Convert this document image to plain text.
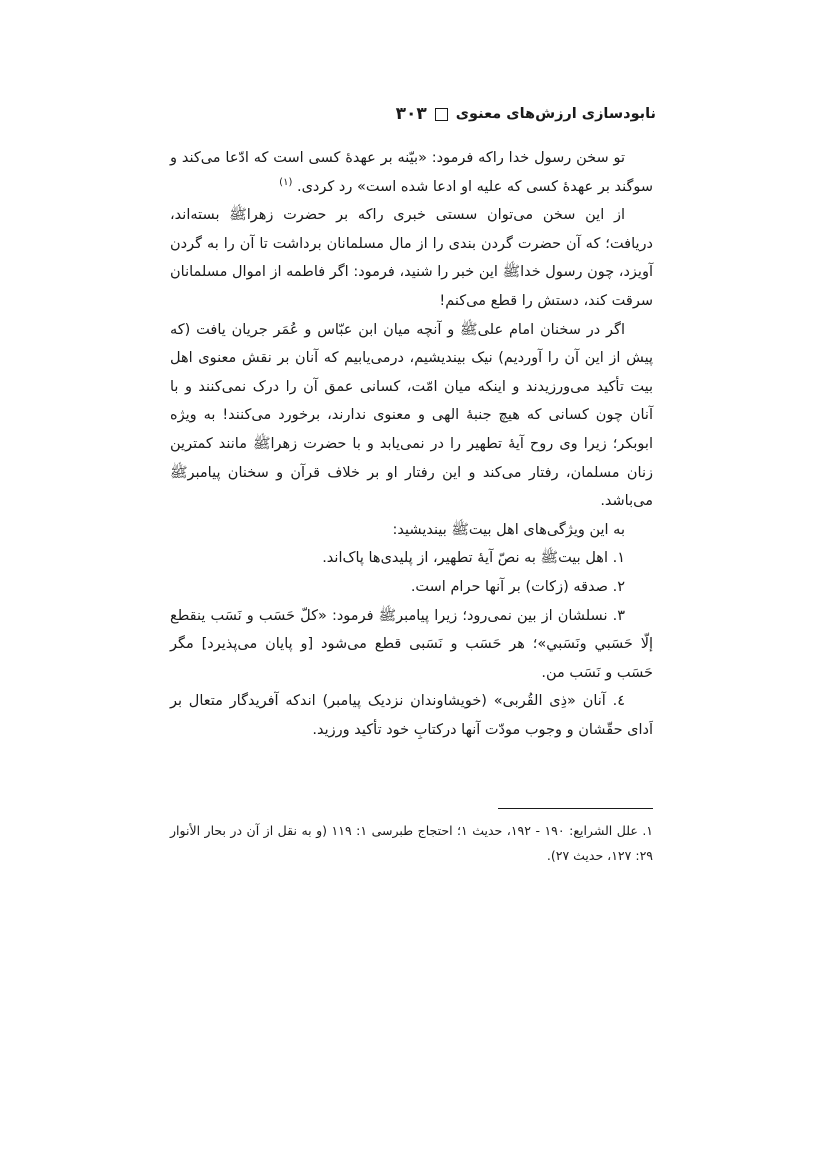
نابودسازی ارزش‌های معنوی
۳۰۳

تو سخن رسول خدا راکه فرمود: «بیّنه بر عهدهٔ کسی است که ادّعا می‌کند و سوگند بر عهدهٔ کسی که علیه او ادعا شده است» رد کردی. $^{(۱)}$

از این سخن می‌توان سستی خبری راکه بر حضرت زهراﷺ بسته‌اند، دریافت؛ که آن حضرت گردن بندی را از مال مسلمانان برداشت تا آن را به گردن آویزد، چون رسول خداﷺ این خبر را شنید، فرمود: اگر فاطمه از اموال مسلمانان سرقت کند، دستش را قطع می‌کنم!

اگر در سخنان امام علیﷺ و آنچه میان ابن عبّاس و عُمَر جریان یافت (که پیش از این آن را آوردیم) نیک بیندیشیم، درمی‌یابیم که آنان بر نقش معنوی اهل بیت تأکید می‌ورزیدند و اینکه میان امّت، کسانی عمق آن را درک نمی‌کنند و با آنان چون کسانی که هیچ جنبهٔ الهی و معنوی ندارند، برخورد می‌کنند! به ویژه ابوبکر؛ زیرا وی روح آیهٔ تطهیر را در نمی‌یابد و با حضرت زهراﷺ مانند کمترین زنان مسلمان، رفتار می‌کند و این رفتار او بر خلاف قرآن و سخنان پیامبرﷺ می‌باشد.

به این ویژگی‌های اهل بیتﷺ بیندیشید:

۱. اهل بیتﷺ به نصّ آیهٔ تطهیر، از پلیدی‌ها پاک‌اند.

۲. صدقه (زکات) بر آنها حرام است.

۳. نسلشان از بین نمی‌رود؛ زیرا پیامبرﷺ فرمود: «کلّ حَسَب و نَسَب ینقطع إلّا حَسَبي ونَسَبي»؛ هر حَسَب و نَسَبی قطع می‌شود [و پایان می‌پذیرد] مگر حَسَب و نَسَب من.

٤. آنان «ذِی القُربی» (خویشاوندان نزدیک پیامبر) اندکه آفریدگار متعال بر اَدای حقّشان و وجوب مودّت آنها درکتابِ خود تأکید ورزید.

۱. علل الشرایع: ۱۹۰ - ۱۹۲، حدیث ۱؛ احتجاج طبرسی ۱: ۱۱۹ (و به نقل از آن در بحار الأنوار ۲۹: ۱۲۷، حدیث ۲۷).
